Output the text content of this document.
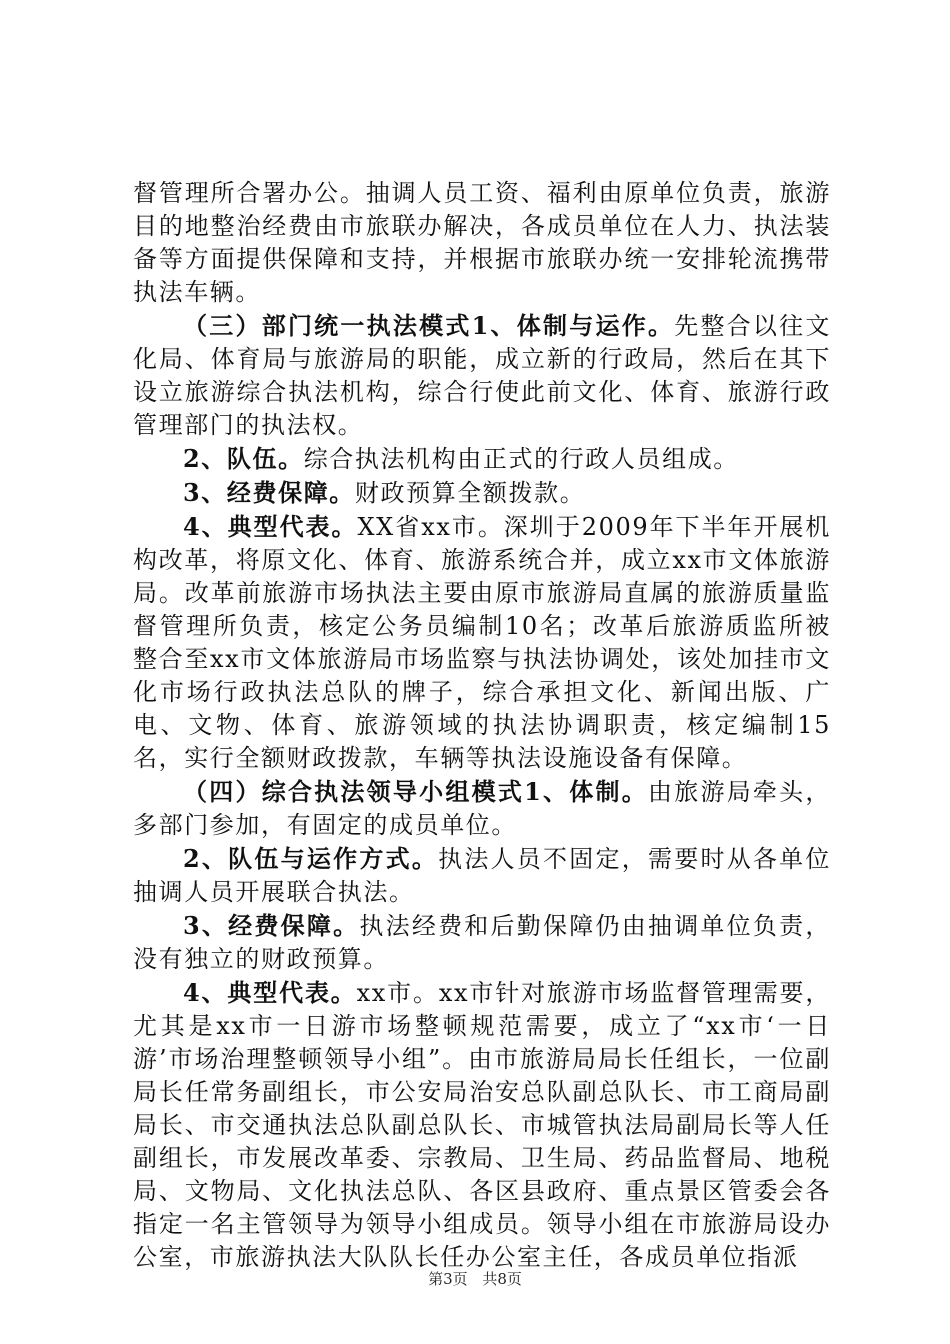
督管理所合署办公。抽调人员工资、福利由原单位负责，旅游目的地整治经费由市旅联办解决，各成员单位在人力、执法装备等方面提供保障和支持，并根据市旅联办统一安排轮流携带执法车辆。

（三）部门统一执法模式1、体制与运作。先整合以往文化局、体育局与旅游局的职能，成立新的行政局，然后在其下设立旅游综合执法机构，综合行使此前文化、体育、旅游行政管理部门的执法权。

2、队伍。综合执法机构由正式的行政人员组成。

3、经费保障。财政预算全额拨款。

4、典型代表。XX省xx市。深圳于2009年下半年开展机构改革，将原文化、体育、旅游系统合并，成立xx市文体旅游局。改革前旅游市场执法主要由原市旅游局直属的旅游质量监督管理所负责，核定公务员编制10名；改革后旅游质监所被整合至xx市文体旅游局市场监察与执法协调处，该处加挂市文化市场行政执法总队的牌子，综合承担文化、新闻出版、广电、文物、体育、旅游领域的执法协调职责，核定编制15名，实行全额财政拨款，车辆等执法设施设备有保障。

（四）综合执法领导小组模式1、体制。由旅游局牵头，多部门参加，有固定的成员单位。

2、队伍与运作方式。执法人员不固定，需要时从各单位抽调人员开展联合执法。

3、经费保障。执法经费和后勤保障仍由抽调单位负责，没有独立的财政预算。

4、典型代表。xx市。xx市针对旅游市场监督管理需要，尤其是xx市一日游市场整顿规范需要，成立了“xx市‘一日游’市场治理整顿领导小组”。由市旅游局局长任组长，一位副局长任常务副组长，市公安局治安总队副总队长、市工商局副局长、市交通执法总队副总队长、市城管执法局副局长等人任副组长，市发展改革委、宗教局、卫生局、药品监督局、地税局、文物局、文化执法总队、各区县政府、重点景区管委会各指定一名主管领导为领导小组成员。领导小组在市旅游局设办公室，市旅游执法大队队长任办公室主任，各成员单位指派

第3页 共8页
